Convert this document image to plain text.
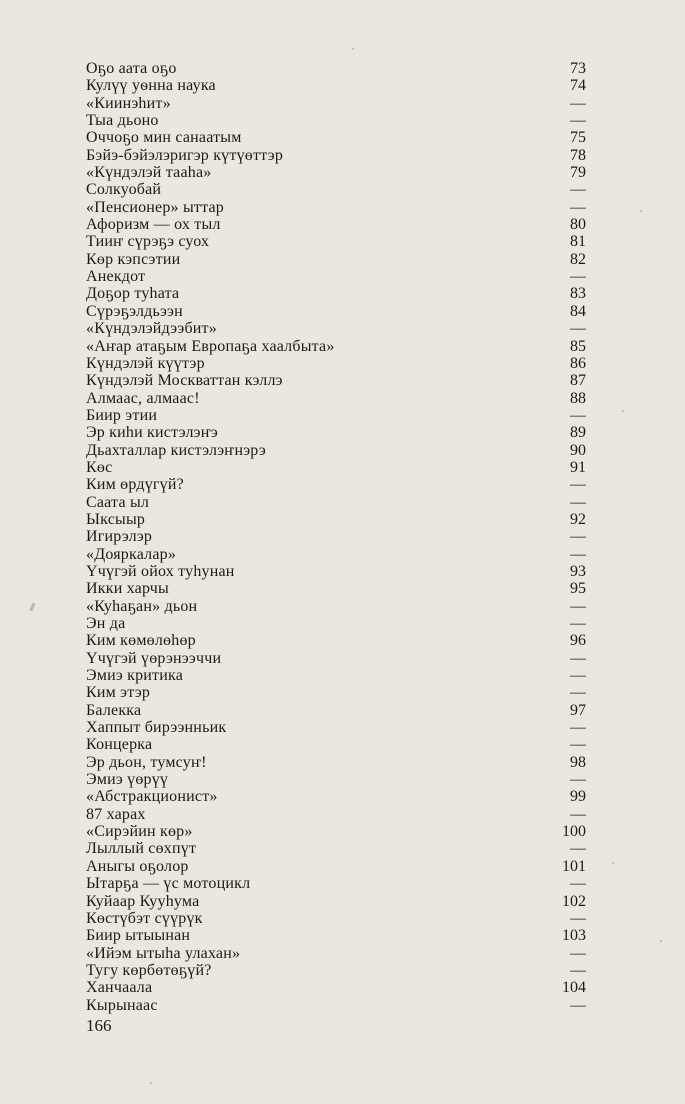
Оҕо аата оҕо	73
Кулүү уѳнна наука	74
«Киинэһит»	—
Тыа дьоно	—
Оччоҕо мин санаатым	75
Бэйэ-бэйэлэригэр күтүөттэр	78
«Күндэлэй тааһа»	79
Солкуобай	—
«Пенсионер» ыттар	—
Афоризм — ох тыл	80
Тииҥ сүрэҕэ суох	81
Көр кэпсэтии	82
Анекдот	—
Доҕор туһата	83
Сүрэҕэлдьээн	84
«Күндэлэйдээбит»	—
«Аҥар атаҕым Европаҕа хаалбыта»	85
Күндэлэй күүтэр	86
Күндэлэй Москваттан кэллэ	87
Алмаас, алмаас!	88
Биир этии	—
Эр киһи кистэлэҥэ	89
Дьахталлар кистэлэҥнэрэ	90
Көс	91
Ким өрдүгүй?	—
Саата ыл	—
Ыксыыр	92
Игирэлэр	—
«Дояркалар»	—
Үчүгэй ойох туһунан	93
Икки харчы	95
«Куһаҕан» дьон	—
Эн да	—
Ким көмөлөһөр	96
Үчүгэй үөрэнээччи	—
Эмиэ критика	—
Ким этэр	—
Балекка	97
Хаппыт бирээнньик	—
Концерка	—
Эр дьон, тумсуҥ!	98
Эмиэ үөрүү	—
«Абстракционист»	99
87 харах	—
«Сирэйин көр»	100
Лыллый сөхпүт	—
Аныгы оҕолор	101
Ытарҕа — үс мотоцикл	—
Куйаар Кууһума	102
Көстүбэт сүүрүк	—
Биир ытыынан	103
«Ийэм ытыһа улахан»	—
Тугу көрбөтөҕүй?	—
Ханчаала	104
Кырынаас	—
166
